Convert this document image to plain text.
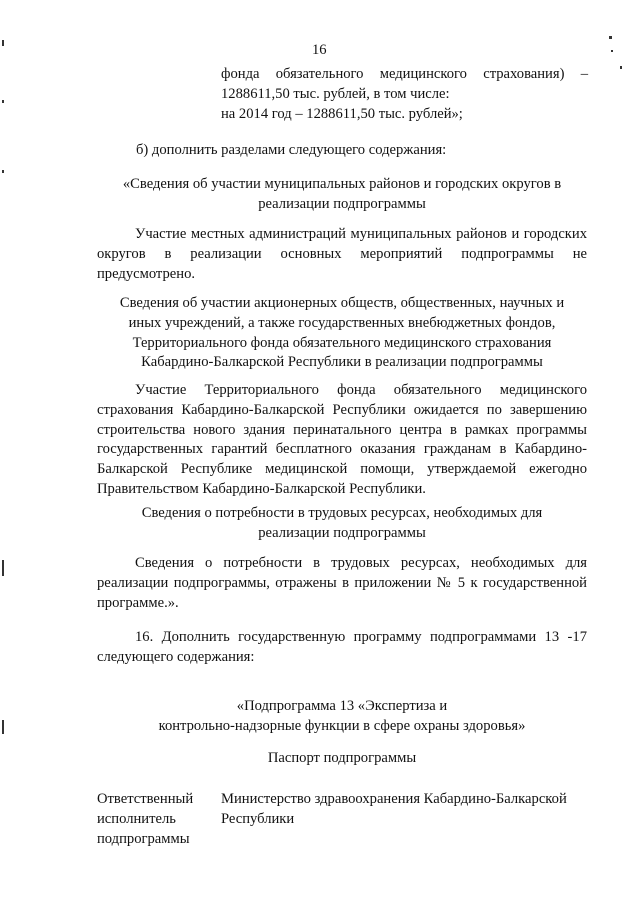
16

фонда обязательного медицинского страхования) –
1288611,50 тыс. рублей, в том числе:
на 2014 год – 1288611,50 тыс. рублей»;

б) дополнить разделами следующего содержания:

«Сведения об участии муниципальных районов и городских округов в
реализации подпрограммы
Участие местных администраций муниципальных районов и городских
округов в реализации основных мероприятий подпрограммы не
предусмотрено.
Сведения об участии акционерных обществ, общественных, научных и
иных учреждений, а также государственных внебюджетных фондов,
Территориального фонда обязательного медицинского страхования
Кабардино-Балкарской Республики в реализации подпрограммы
Участие Территориального фонда обязательного медицинского
страхования Кабардино-Балкарской Республики ожидается по завершению
строительства нового здания перинатального центра в рамках программы
государственных гарантий бесплатного оказания гражданам в Кабардино-
Балкарской Республике медицинской помощи, утверждаемой ежегодно
Правительством Кабардино-Балкарской Республики.
Сведения о потребности в трудовых ресурсах, необходимых для
реализации подпрограммы
Сведения о потребности в трудовых ресурсах, необходимых для
реализации подпрограммы, отражены в приложении № 5 к государственной
программе.».
16. Дополнить государственную программу подпрограммами 13 -17
следующего содержания:
«Подпрограмма 13 «Экспертиза и
контрольно-надзорные функции в сфере охраны здоровья»

Паспорт подпрограммы

Ответственный
исполнитель
подпрограммы
Министерство здравоохранения Кабардино-Балкарской
Республики
